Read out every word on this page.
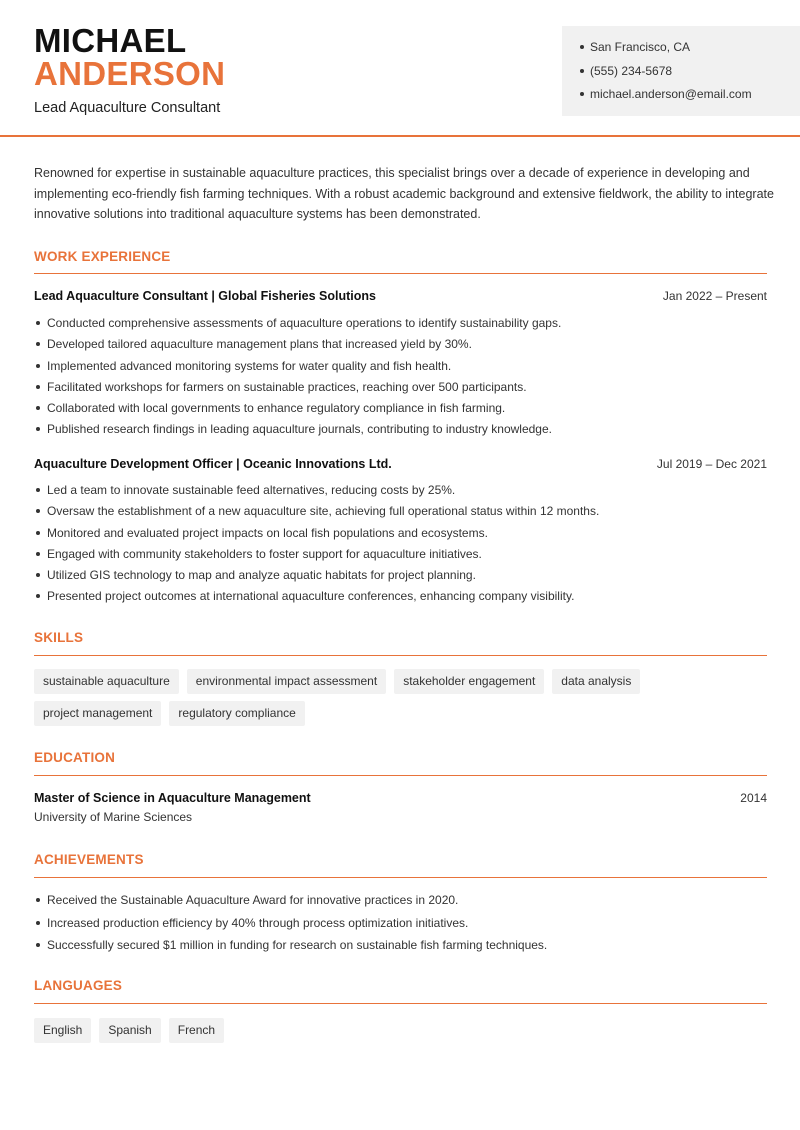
MICHAEL
ANDERSON
Lead Aquaculture Consultant
San Francisco, CA
(555) 234-5678
michael.anderson@email.com

Renowned for expertise in sustainable aquaculture practices, this specialist brings over a decade of experience in developing and implementing eco-friendly fish farming techniques. With a robust academic background and extensive fieldwork, the ability to integrate innovative solutions into traditional aquaculture systems has been demonstrated.

WORK EXPERIENCE
Lead Aquaculture Consultant | Global Fisheries Solutions	Jan 2022 – Present
Conducted comprehensive assessments of aquaculture operations to identify sustainability gaps.
Developed tailored aquaculture management plans that increased yield by 30%.
Implemented advanced monitoring systems for water quality and fish health.
Facilitated workshops for farmers on sustainable practices, reaching over 500 participants.
Collaborated with local governments to enhance regulatory compliance in fish farming.
Published research findings in leading aquaculture journals, contributing to industry knowledge.
Aquaculture Development Officer | Oceanic Innovations Ltd.	Jul 2019 – Dec 2021
Led a team to innovate sustainable feed alternatives, reducing costs by 25%.
Oversaw the establishment of a new aquaculture site, achieving full operational status within 12 months.
Monitored and evaluated project impacts on local fish populations and ecosystems.
Engaged with community stakeholders to foster support for aquaculture initiatives.
Utilized GIS technology to map and analyze aquatic habitats for project planning.
Presented project outcomes at international aquaculture conferences, enhancing company visibility.
SKILLS
sustainable aquaculture	environmental impact assessment	stakeholder engagement	data analysis
project management	regulatory compliance
EDUCATION
Master of Science in Aquaculture Management	2014
University of Marine Sciences
ACHIEVEMENTS
Received the Sustainable Aquaculture Award for innovative practices in 2020.
Increased production efficiency by 40% through process optimization initiatives.
Successfully secured $1 million in funding for research on sustainable fish farming techniques.
LANGUAGES
English	Spanish	French
